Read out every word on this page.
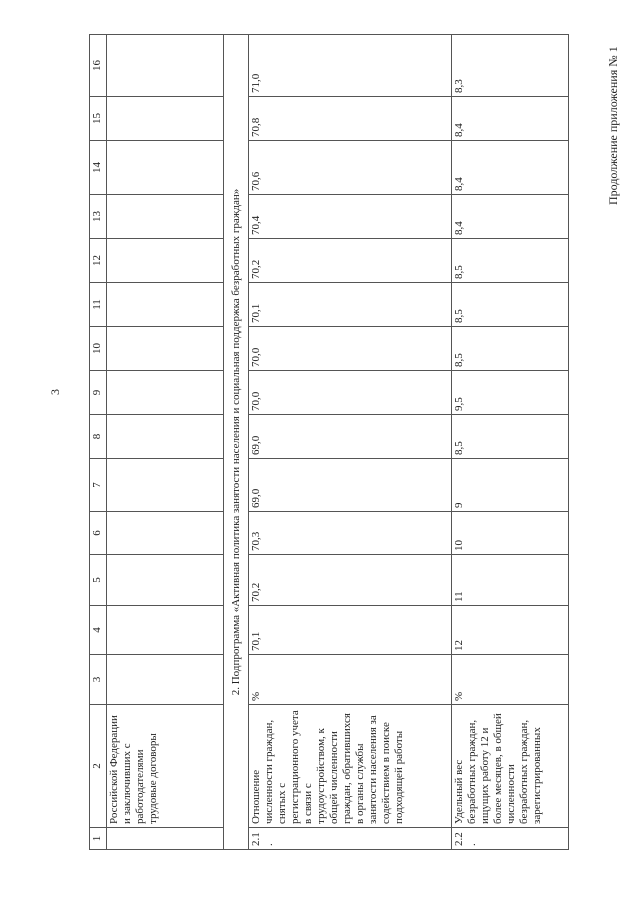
3
Продолжение приложения № 1
1	2	3	4	5	6	7	8	9	10	11	12	13	14	15	16
	Российской Федерации и заключивших с работодателями трудовые договоры														
2. Подпрограмма «Активная политика занятости населения и социальная поддержка безработных граждан»															
2.1.	Отношение численности граждан, снятых с регистрационного учета в связи с трудоустройством, к общей численности граждан, обратившихся в органы службы занятости населения за содействием в поиске подходящей работы	%	70,1	70,2	70,3	69,0	69,0	70,0	70,0	70,1	70,2	70,4	70,6	70,8	71,0
2.2.	Удельный вес безработных граждан, ищущих работу 12 и более месяцев, в общей численности безработных граждан, зарегистрированных	%	12	11	10	9	8,5	9,5	8,5	8,5	8,5	8,4	8,4	8,4	8,3
